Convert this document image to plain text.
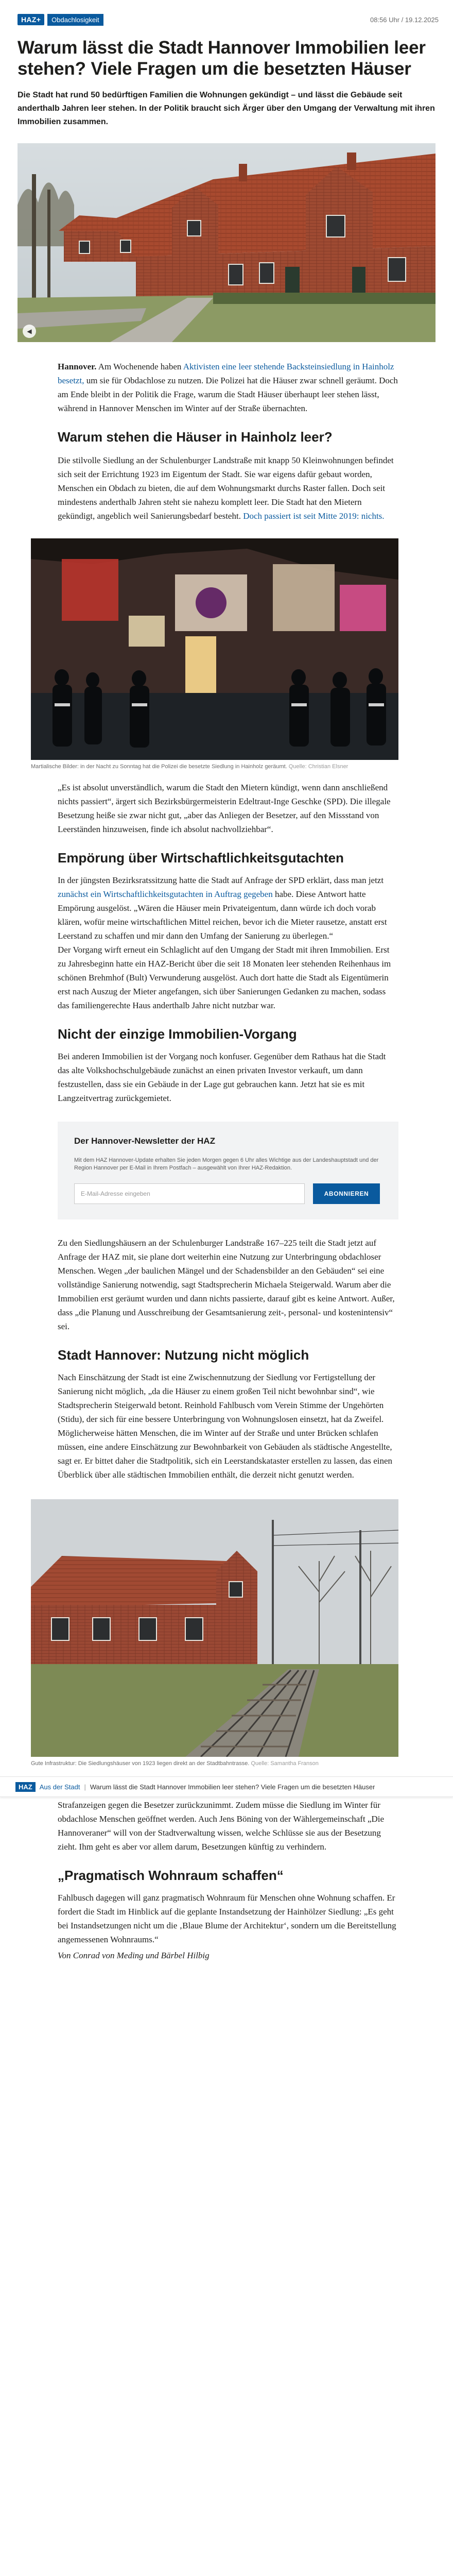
HAZ+	Obdachlosigkeit	08:56 Uhr / 19.12.2025
Warum lässt die Stadt Hannover Immobilien leer stehen? Viele Fragen um die besetzten Häuser

Die Stadt hat rund 50 bedürftigen Familien die Wohnungen gekündigt – und lässt die Gebäude seit anderthalb Jahren leer stehen. In der Politik braucht sich Ärger über den Umgang der Verwaltung mit ihren Immobilien zusammen.

◀

Hannover. Am Wochenende haben Aktivisten eine leer stehende Backsteinsiedlung in Hainholz besetzt, um sie für Obdachlose zu nutzen. Die Polizei hat die Häuser zwar schnell geräumt. Doch am Ende bleibt in der Politik die Frage, warum die Stadt Häuser überhaupt leer stehen lässt, während in Hannover Menschen im Winter auf der Straße übernachten.

Warum stehen die Häuser in Hainholz leer?

Die stilvolle Siedlung an der Schulenburger Landstraße mit knapp 50 Kleinwohnungen befindet sich seit der Errichtung 1923 im Eigentum der Stadt. Sie war eigens dafür gebaut worden, Menschen ein Obdach zu bieten, die auf dem Wohnungsmarkt durchs Raster fallen. Doch seit mindestens anderthalb Jahren steht sie nahezu komplett leer. Die Stadt hat den Mietern gekündigt, angeblich weil Sanierungsbedarf besteht. Doch passiert ist seit Mitte 2019: nichts.

Martialische Bilder: in der Nacht zu Sonntag hat die Polizei die besetzte Siedlung in Hainholz geräumt. Quelle: Christian Elsner

„Es ist absolut unverständlich, warum die Stadt den Mietern kündigt, wenn dann anschließend nichts passiert“, ärgert sich Bezirksbürgermeisterin Edeltraut-Inge Geschke (SPD). Die illegale Besetzung heiße sie zwar nicht gut, „aber das Anliegen der Besetzer, auf den Missstand von Leerständen hinzuweisen, finde ich absolut nachvollziehbar“.

Empörung über Wirtschaftlichkeitsgutachten

In der jüngsten Bezirksratssitzung hatte die Stadt auf Anfrage der SPD erklärt, dass man jetzt zunächst ein Wirtschaftlichkeitsgutachten in Auftrag gegeben habe. Diese Antwort hatte Empörung ausgelöst. „Wären die Häuser mein Privateigentum, dann würde ich doch vorab klären, wofür meine wirtschaftlichen Mittel reichen, bevor ich die Mieter rausetze, anstatt erst Leerstand zu schaffen und mir dann den Umfang der Sanierung zu überlegen.“

Der Vorgang wirft erneut ein Schlaglicht auf den Umgang der Stadt mit ihren Immobilien. Erst zu Jahresbeginn hatte ein HAZ-Bericht über die seit 18 Monaten leer stehenden Reihenhaus im schönen Brehmhof (Bult) Verwunderung ausgelöst. Auch dort hatte die Stadt als Eigentümerin erst nach Auszug der Mieter angefangen, sich über Sanierungen Gedanken zu machen, sodass das familiengerechte Haus anderthalb Jahre nicht nutzbar war.

Nicht der einzige Immobilien-Vorgang

Bei anderen Immobilien ist der Vorgang noch konfuser. Gegenüber dem Rathaus hat die Stadt das alte Volkshochschulgebäude zunächst an einen privaten Investor verkauft, um dann festzustellen, dass sie ein Gebäude in der Lage gut gebrauchen kann. Jetzt hat sie es mit Langzeitvertrag zurückgemietet.

Der Hannover-Newsletter der HAZ

Mit dem HAZ Hannover-Update erhalten Sie jeden Morgen gegen 6 Uhr alles Wichtige aus der Landeshauptstadt und der Region Hannover per E-Mail in Ihrem Postfach – ausgewählt von Ihrer HAZ-Redaktion.

E-Mail-Adresse eingeben
ABONNIEREN

Zu den Siedlungshäusern an der Schulenburger Landstraße 167–225 teilt die Stadt jetzt auf Anfrage der HAZ mit, sie plane dort weiterhin eine Nutzung zur Unterbringung obdachloser Menschen. Wegen „der baulichen Mängel und der Schadensbilder an den Gebäuden“ sei eine vollständige Sanierung notwendig, sagt Stadtsprecherin Michaela Steigerwald. Warum aber die Immobilien erst geräumt wurden und dann nichts passierte, darauf gibt es keine Antwort. Außer, dass „die Planung und Ausschreibung der Gesamtsanierung zeit-, personal- und kostenintensiv“ sei.

Stadt Hannover: Nutzung nicht möglich

Nach Einschätzung der Stadt ist eine Zwischennutzung der Siedlung vor Fertigstellung der Sanierung nicht möglich, „da die Häuser zu einem großen Teil nicht bewohnbar sind“, wie Stadtsprecherin Steigerwald betont. Reinhold Fahlbusch vom Verein Stimme der Ungehörten (Stidu), der sich für eine bessere Unterbringung von Wohnungslosen einsetzt, hat da Zweifel. Möglicherweise hätten Menschen, die im Winter auf der Straße und unter Brücken schlafen müssen, eine andere Einschätzung zur Bewohnbarkeit von Gebäuden als städtische Angestellte, sagt er. Er bittet daher die Stadtpolitik, sich ein Leerstandskataster erstellen zu lassen, das einen Überblick über alle städtischen Immobilien enthält, die derzeit nicht genutzt werden.

Gute Infrastruktur: Die Siedlungshäuser von 1923 liegen direkt an der Stadtbahntrasse. Quelle: Samantha Franson

HAZ	Aus der Stadt | Warum lässt die Stadt Hannover Immobilien leer stehen? Viele Fragen um die besetzten Häuser

Strafanzeigen gegen die Besetzer zurückzunimmt. Zudem müsse die Siedlung im Winter für obdachlose Menschen geöffnet werden. Auch Jens Böning von der Wählergemeinschaft „Die Hannoveraner“ will von der Stadtverwaltung wissen, welche Schlüsse sie aus der Besetzung zieht. Ihm geht es aber vor allem darum, Besetzungen künftig zu verhindern.

„Pragmatisch Wohnraum schaffen“

Fahlbusch dagegen will ganz pragmatisch Wohnraum für Menschen ohne Wohnung schaffen. Er fordert die Stadt im Hinblick auf die geplante Instandsetzung der Hainhölzer Siedlung: „Es geht bei Instandsetzungen nicht um die ‚Blaue Blume der Architektur‘, sondern um die Bereitstellung angemessenen Wohnraums.“

Von Conrad von Meding und Bärbel Hilbig
